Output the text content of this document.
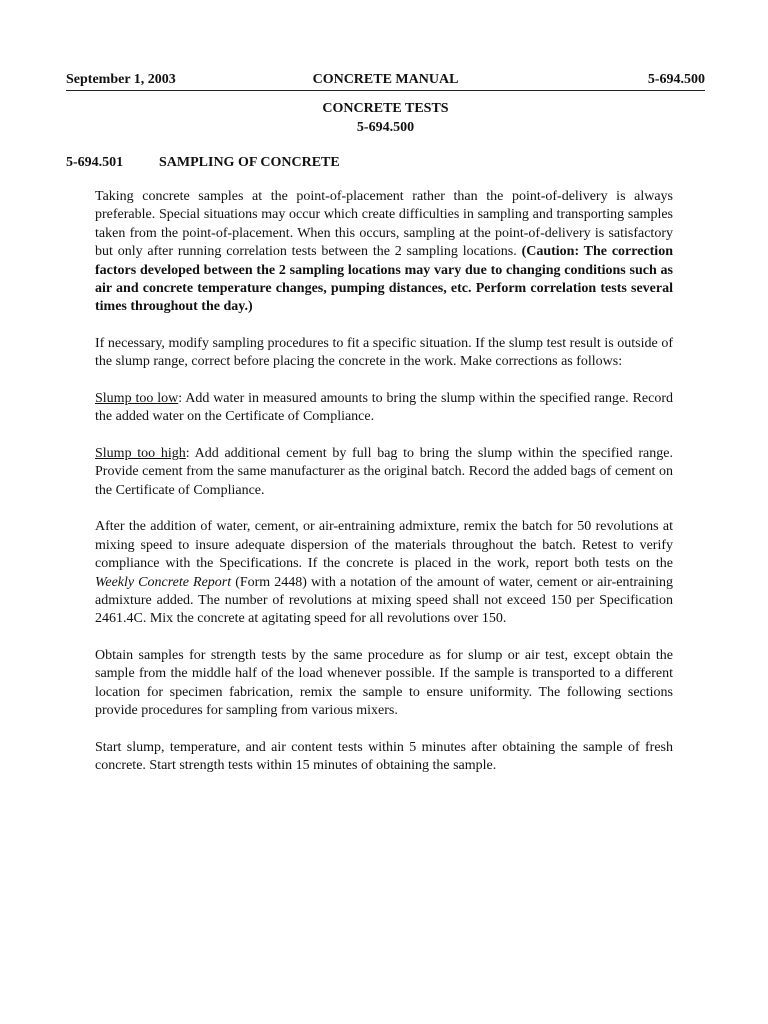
September 1, 2003	CONCRETE MANUAL	5-694.500
CONCRETE TESTS
5-694.500
5-694.501	SAMPLING OF CONCRETE

Taking concrete samples at the point-of-placement rather than the point-of-delivery is always preferable. Special situations may occur which create difficulties in sampling and transporting samples taken from the point-of-placement. When this occurs, sampling at the point-of-delivery is satisfactory but only after running correlation tests between the 2 sampling locations. (Caution: The correction factors developed between the 2 sampling locations may vary due to changing conditions such as air and concrete temperature changes, pumping distances, etc. Perform correlation tests several times throughout the day.)

If necessary, modify sampling procedures to fit a specific situation. If the slump test result is outside of the slump range, correct before placing the concrete in the work. Make corrections as follows:

Slump too low: Add water in measured amounts to bring the slump within the specified range. Record the added water on the Certificate of Compliance.

Slump too high: Add additional cement by full bag to bring the slump within the specified range. Provide cement from the same manufacturer as the original batch. Record the added bags of cement on the Certificate of Compliance.

After the addition of water, cement, or air-entraining admixture, remix the batch for 50 revolutions at mixing speed to insure adequate dispersion of the materials throughout the batch. Retest to verify compliance with the Specifications. If the concrete is placed in the work, report both tests on the Weekly Concrete Report (Form 2448) with a notation of the amount of water, cement or air-entraining admixture added. The number of revolutions at mixing speed shall not exceed 150 per Specification 2461.4C. Mix the concrete at agitating speed for all revolutions over 150.

Obtain samples for strength tests by the same procedure as for slump or air test, except obtain the sample from the middle half of the load whenever possible. If the sample is transported to a different location for specimen fabrication, remix the sample to ensure uniformity. The following sections provide procedures for sampling from various mixers.

Start slump, temperature, and air content tests within 5 minutes after obtaining the sample of fresh concrete. Start strength tests within 15 minutes of obtaining the sample.
